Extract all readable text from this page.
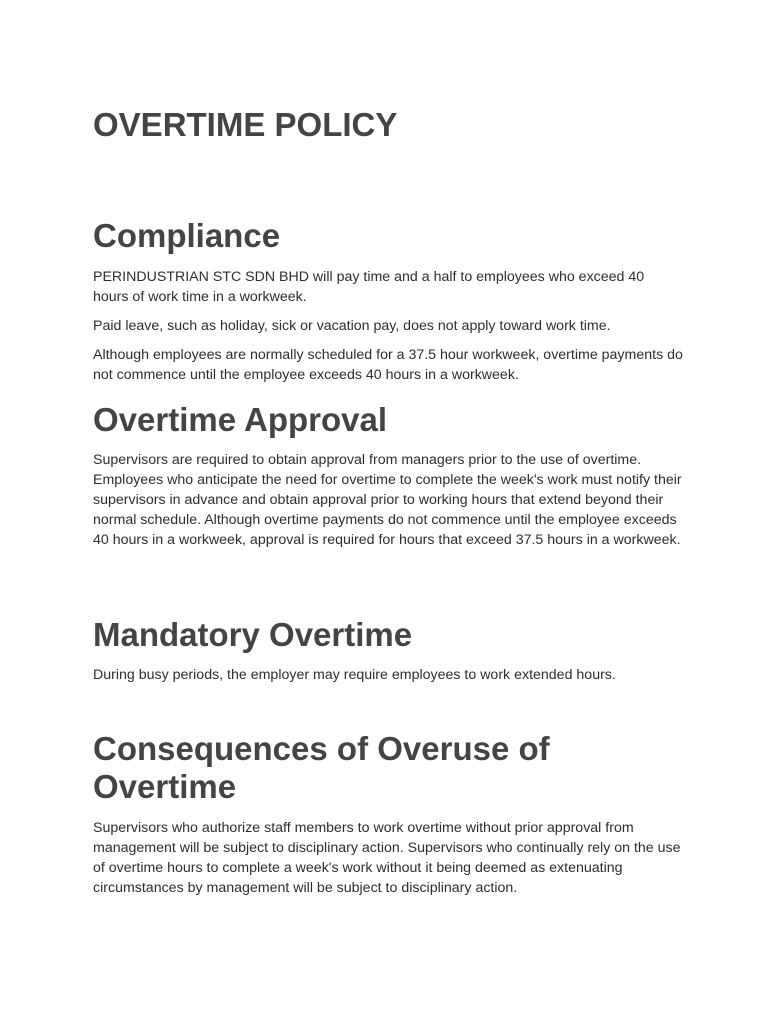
OVERTIME POLICY
Compliance

PERINDUSTRIAN STC SDN BHD will pay time and a half to employees who exceed 40 hours of work time in a workweek.

Paid leave, such as holiday, sick or vacation pay, does not apply toward work time.

Although employees are normally scheduled for a 37.5 hour workweek, overtime payments do not commence until the employee exceeds 40 hours in a workweek.

Overtime Approval

Supervisors are required to obtain approval from managers prior to the use of overtime. Employees who anticipate the need for overtime to complete the week's work must notify their supervisors in advance and obtain approval prior to working hours that extend beyond their normal schedule. Although overtime payments do not commence until the employee exceeds 40 hours in a workweek, approval is required for hours that exceed 37.5 hours in a workweek.

Mandatory Overtime

During busy periods, the employer may require employees to work extended hours.

Consequences of Overuse of Overtime

Supervisors who authorize staff members to work overtime without prior approval from management will be subject to disciplinary action. Supervisors who continually rely on the use of overtime hours to complete a week's work without it being deemed as extenuating circumstances by management will be subject to disciplinary action.
